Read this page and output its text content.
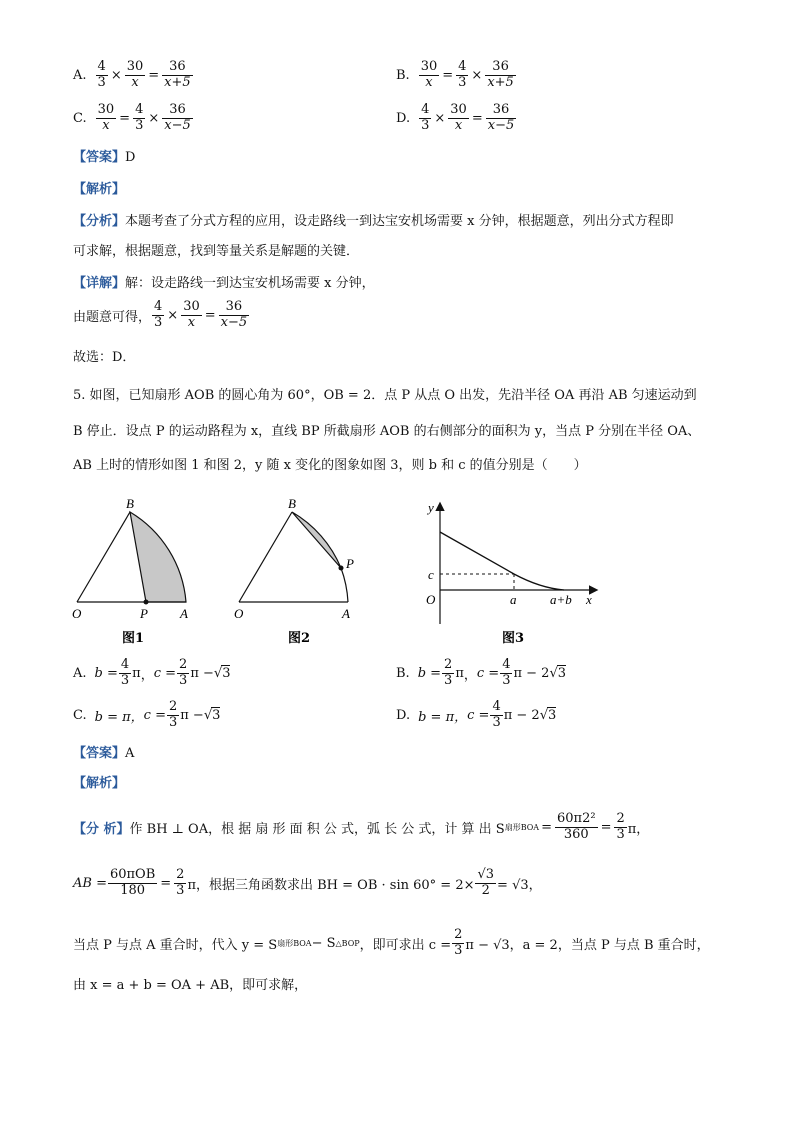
A. $\frac{4}{3} \times \frac{30}{x} = \frac{36}{x+5}$	B. $\frac{30}{x} = \frac{4}{3} \times \frac{36}{x+5}$
C. $\frac{30}{x} = \frac{4}{3} \times \frac{36}{x-5}$	D. $\frac{4}{3} \times \frac{30}{x} = \frac{36}{x-5}$
【答案】D
【解析】
【分析】本题考查了分式方程的应用，设走路线一到达宝安机场需要 x 分钟，根据题意，列出分式方程即
可求解，根据题意，找到等量关系是解题的关键．
【详解】解：设走路线一到达宝安机场需要 x 分钟，
由题意可得， $\frac{4}{3} \times \frac{30}{x} = \frac{36}{x-5}$
故选：D．
5. 如图，已知扇形 AOB 的圆心角为 60°，OB = 2．点 P 从点 O 出发，先沿半径 OA 再沿 AB 匀速运动到
B 停止．设点 P 的运动路程为 x，直线 BP 所截扇形 AOB 的右侧部分的面积为 y，当点 P 分别在半径 OA、
AB 上时的情形如图 1 和图 2，y 随 x 变化的图象如图 3，则 b 和 c 的值分别是（　　）
B
O	P A
图1
B
O
P
A
图2
y
x
O
c
a	a+b
图3
A. $b = \frac{4}{3}$ π ， $c = \frac{2}{3}$ π − √ 3	B. $b = \frac{2}{3}$ π ， $c = \frac{4}{3}$ π − 2 √ 3
C. b = π， $c = \frac{2}{3}$ π − √ 3	D. b = π， $c = \frac{4}{3}$ π − 2 √ 3
【答案】A
【解析】
【分 析】 作 BH ⊥ OA，根 据 扇 形 面 积 公 式，弧 长 公 式，计 算 出 S 扇形BOA = $\frac{\text{60π2²}}{360} = \frac{2}{3}$ π，
AB = $\frac{\text{60πOB}}{180} = \frac{2}{3}$ π，根据三角函数求出 BH = OB · $\sin 60^\circ = 2\times \frac{√3}{2} = √3$，
当点 P 与点 A 重合时，代入 y = S 扇形BOA − S △BOP ，即可求出 $c = \frac{2}{3}$ π − √3，a = 2，当点 P 与点 B 重合时，
由 x = a + b = OA + AB，即可求解，
